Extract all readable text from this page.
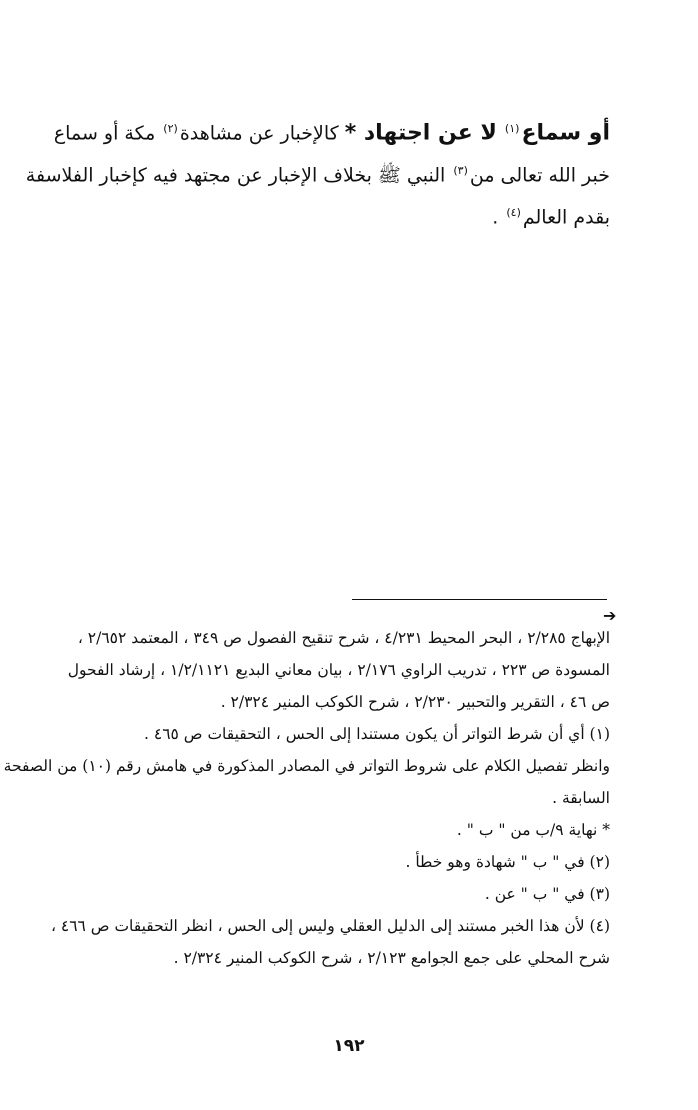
أو سماع$^{(١)}$ لا عن اجتهاد * كالإخبار عن مشاهدة$^{(٢)}$ مكة أو سماع
خبر الله تعالى من$^{(٣)}$ النبي ﷺ بخلاف الإخبار عن مجتهد فيه كإخبار الفلاسفة
بقدم العالم$^{(٤)}$ .
➔
الإبهاج ٢/٢٨٥ ، البحر المحيط ٤/٢٣١ ، شرح تنقيح الفصول ص ٣٤٩ ، المعتمد ٢/٦٥٢ ،
المسودة ص ٢٢٣ ، تدريب الراوي ٢/١٧٦ ، بيان معاني البديع ١/٢/١١٢١ ، إرشاد الفحول
ص ٤٦ ، التقرير والتحبير ٢/٢٣٠ ، شرح الكوكب المنير ٢/٣٢٤ .
(١) أي أن شرط التواتر أن يكون مستندا إلى الحس ، التحقيقات ص ٤٦٥ .
وانظر تفصيل الكلام على شروط التواتر في المصادر المذكورة في هامش رقم (١٠) من الصفحة
السابقة .
* نهاية ٩/ب من " ب " .
(٢) في " ب " شهادة وهو خطأ .
(٣) في " ب " عن .
(٤) لأن هذا الخبر مستند إلى الدليل العقلي وليس إلى الحس ، انظر التحقيقات ص ٤٦٦ ،
شرح المحلي على جمع الجوامع ٢/١٢٣ ، شرح الكوكب المنير ٢/٣٢٤ .
١٩٢
